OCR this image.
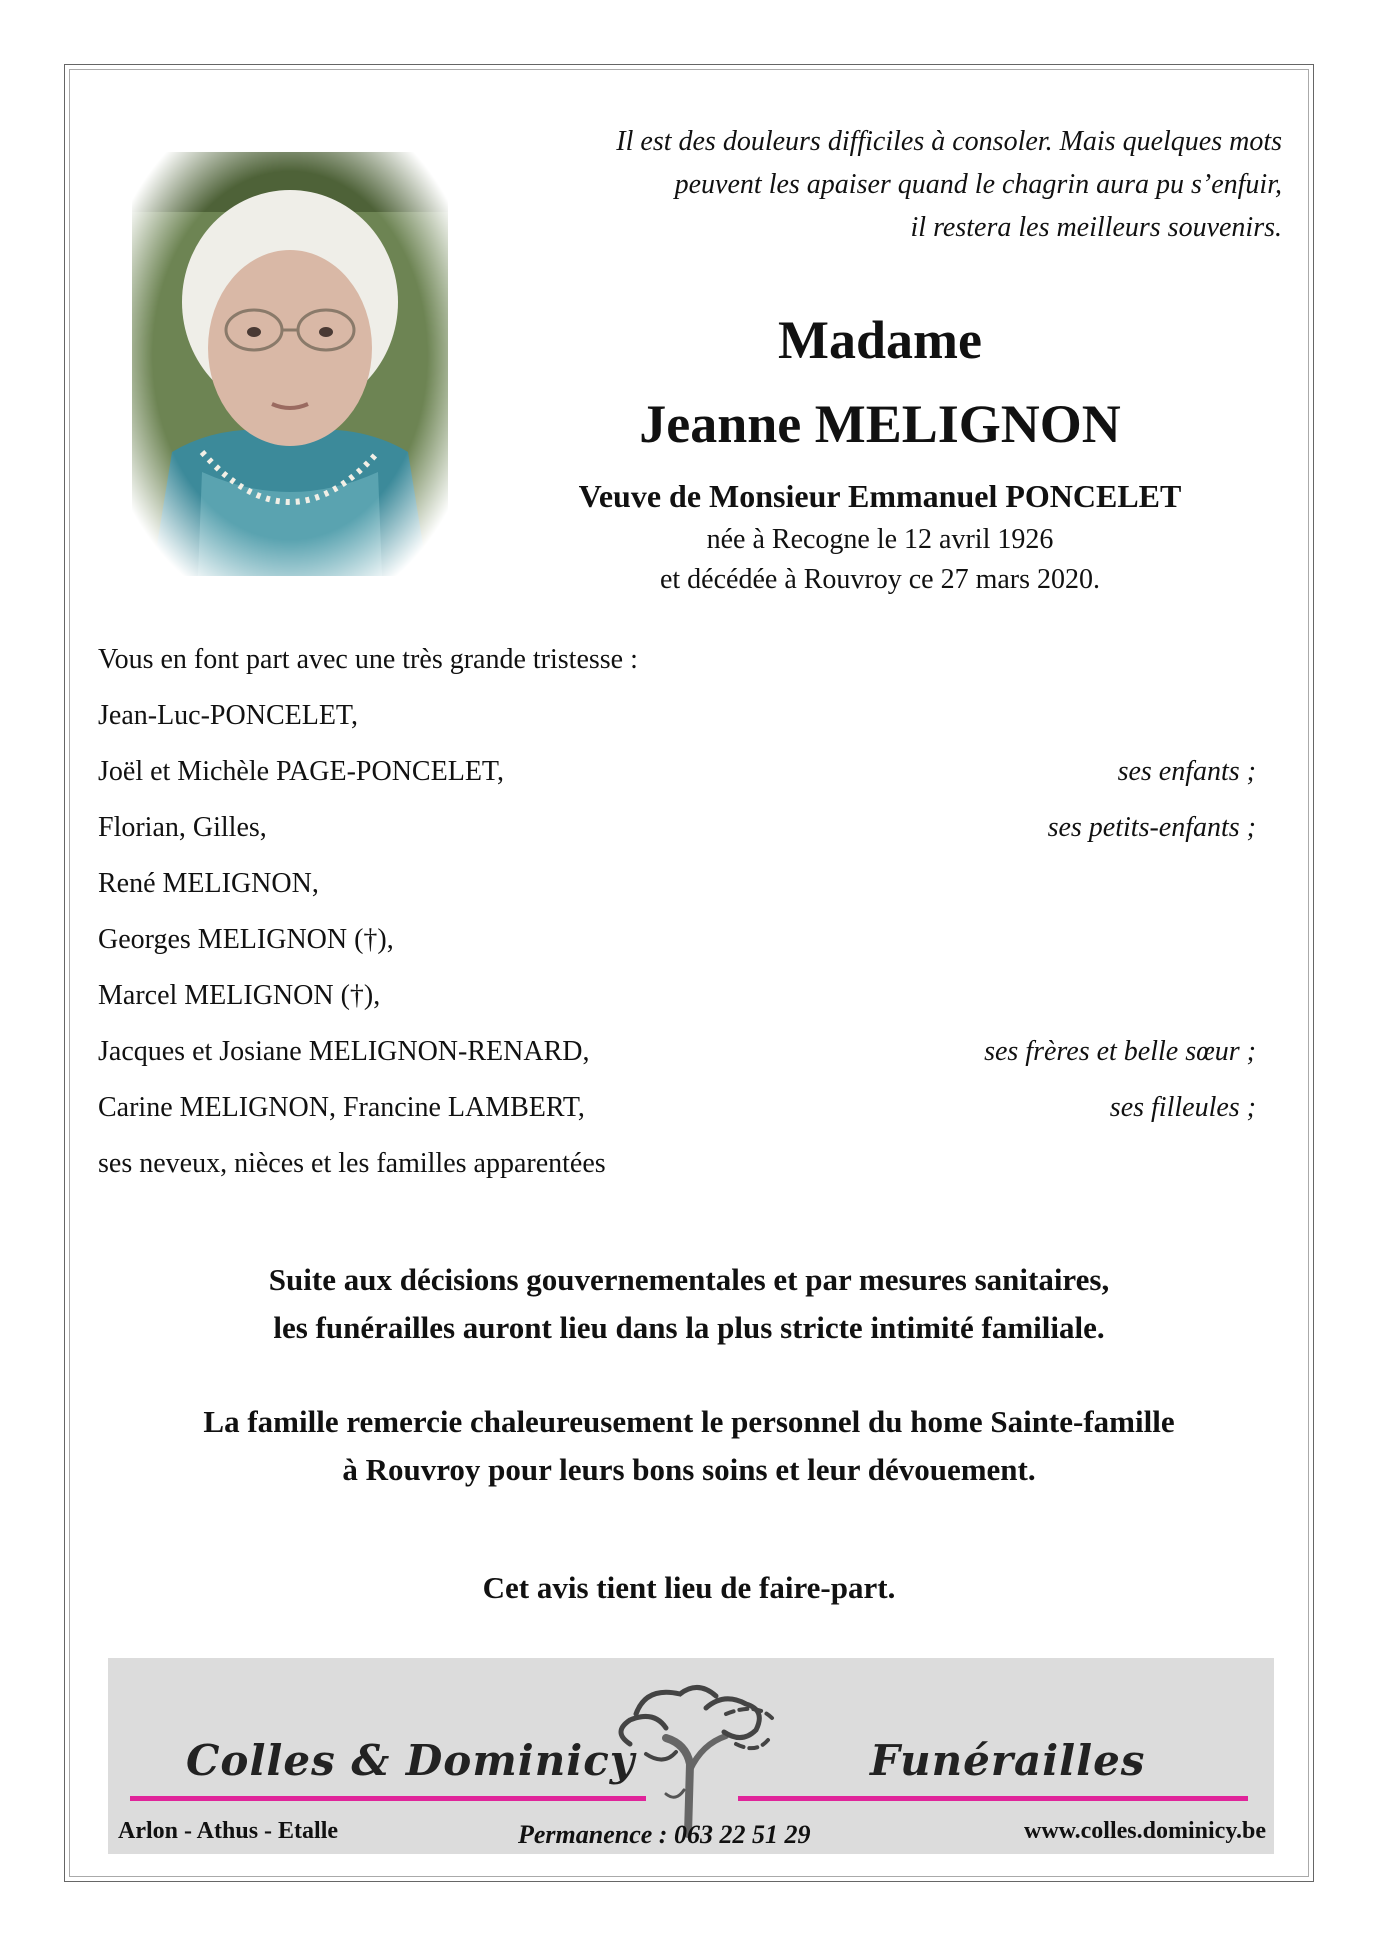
Il est des douleurs difficiles à consoler. Mais quelques mots
peuvent les apaiser quand le chagrin aura pu s’enfuir,
il restera les meilleurs souvenirs.
Madame
Jeanne MELIGNON
Veuve de Monsieur Emmanuel PONCELET
née à Recogne le 12 avril 1926
et décédée à Rouvroy ce 27 mars 2020.
Vous en font part avec une très grande tristesse :
Jean-Luc-PONCELET,
Joël et Michèle PAGE-PONCELET,	ses enfants ;
Florian, Gilles,	ses petits-enfants ;
René MELIGNON,
Georges MELIGNON (†),
Marcel MELIGNON (†),
Jacques et Josiane MELIGNON-RENARD,	ses frères et belle sœur ;
Carine MELIGNON, Francine LAMBERT,	ses filleules ;
ses neveux, nièces et les familles apparentées
Suite aux décisions gouvernementales et par mesures sanitaires,
les funérailles auront lieu dans la plus stricte intimité familiale.
La famille remercie chaleureusement le personnel du home Sainte-famille
à Rouvroy pour leurs bons soins et leur dévouement.
Cet avis tient lieu de faire-part.
Colles & Dominicy	Funérailles
Arlon - Athus - Etalle	Permanence : 063 22 51 29	www.colles.dominicy.be
